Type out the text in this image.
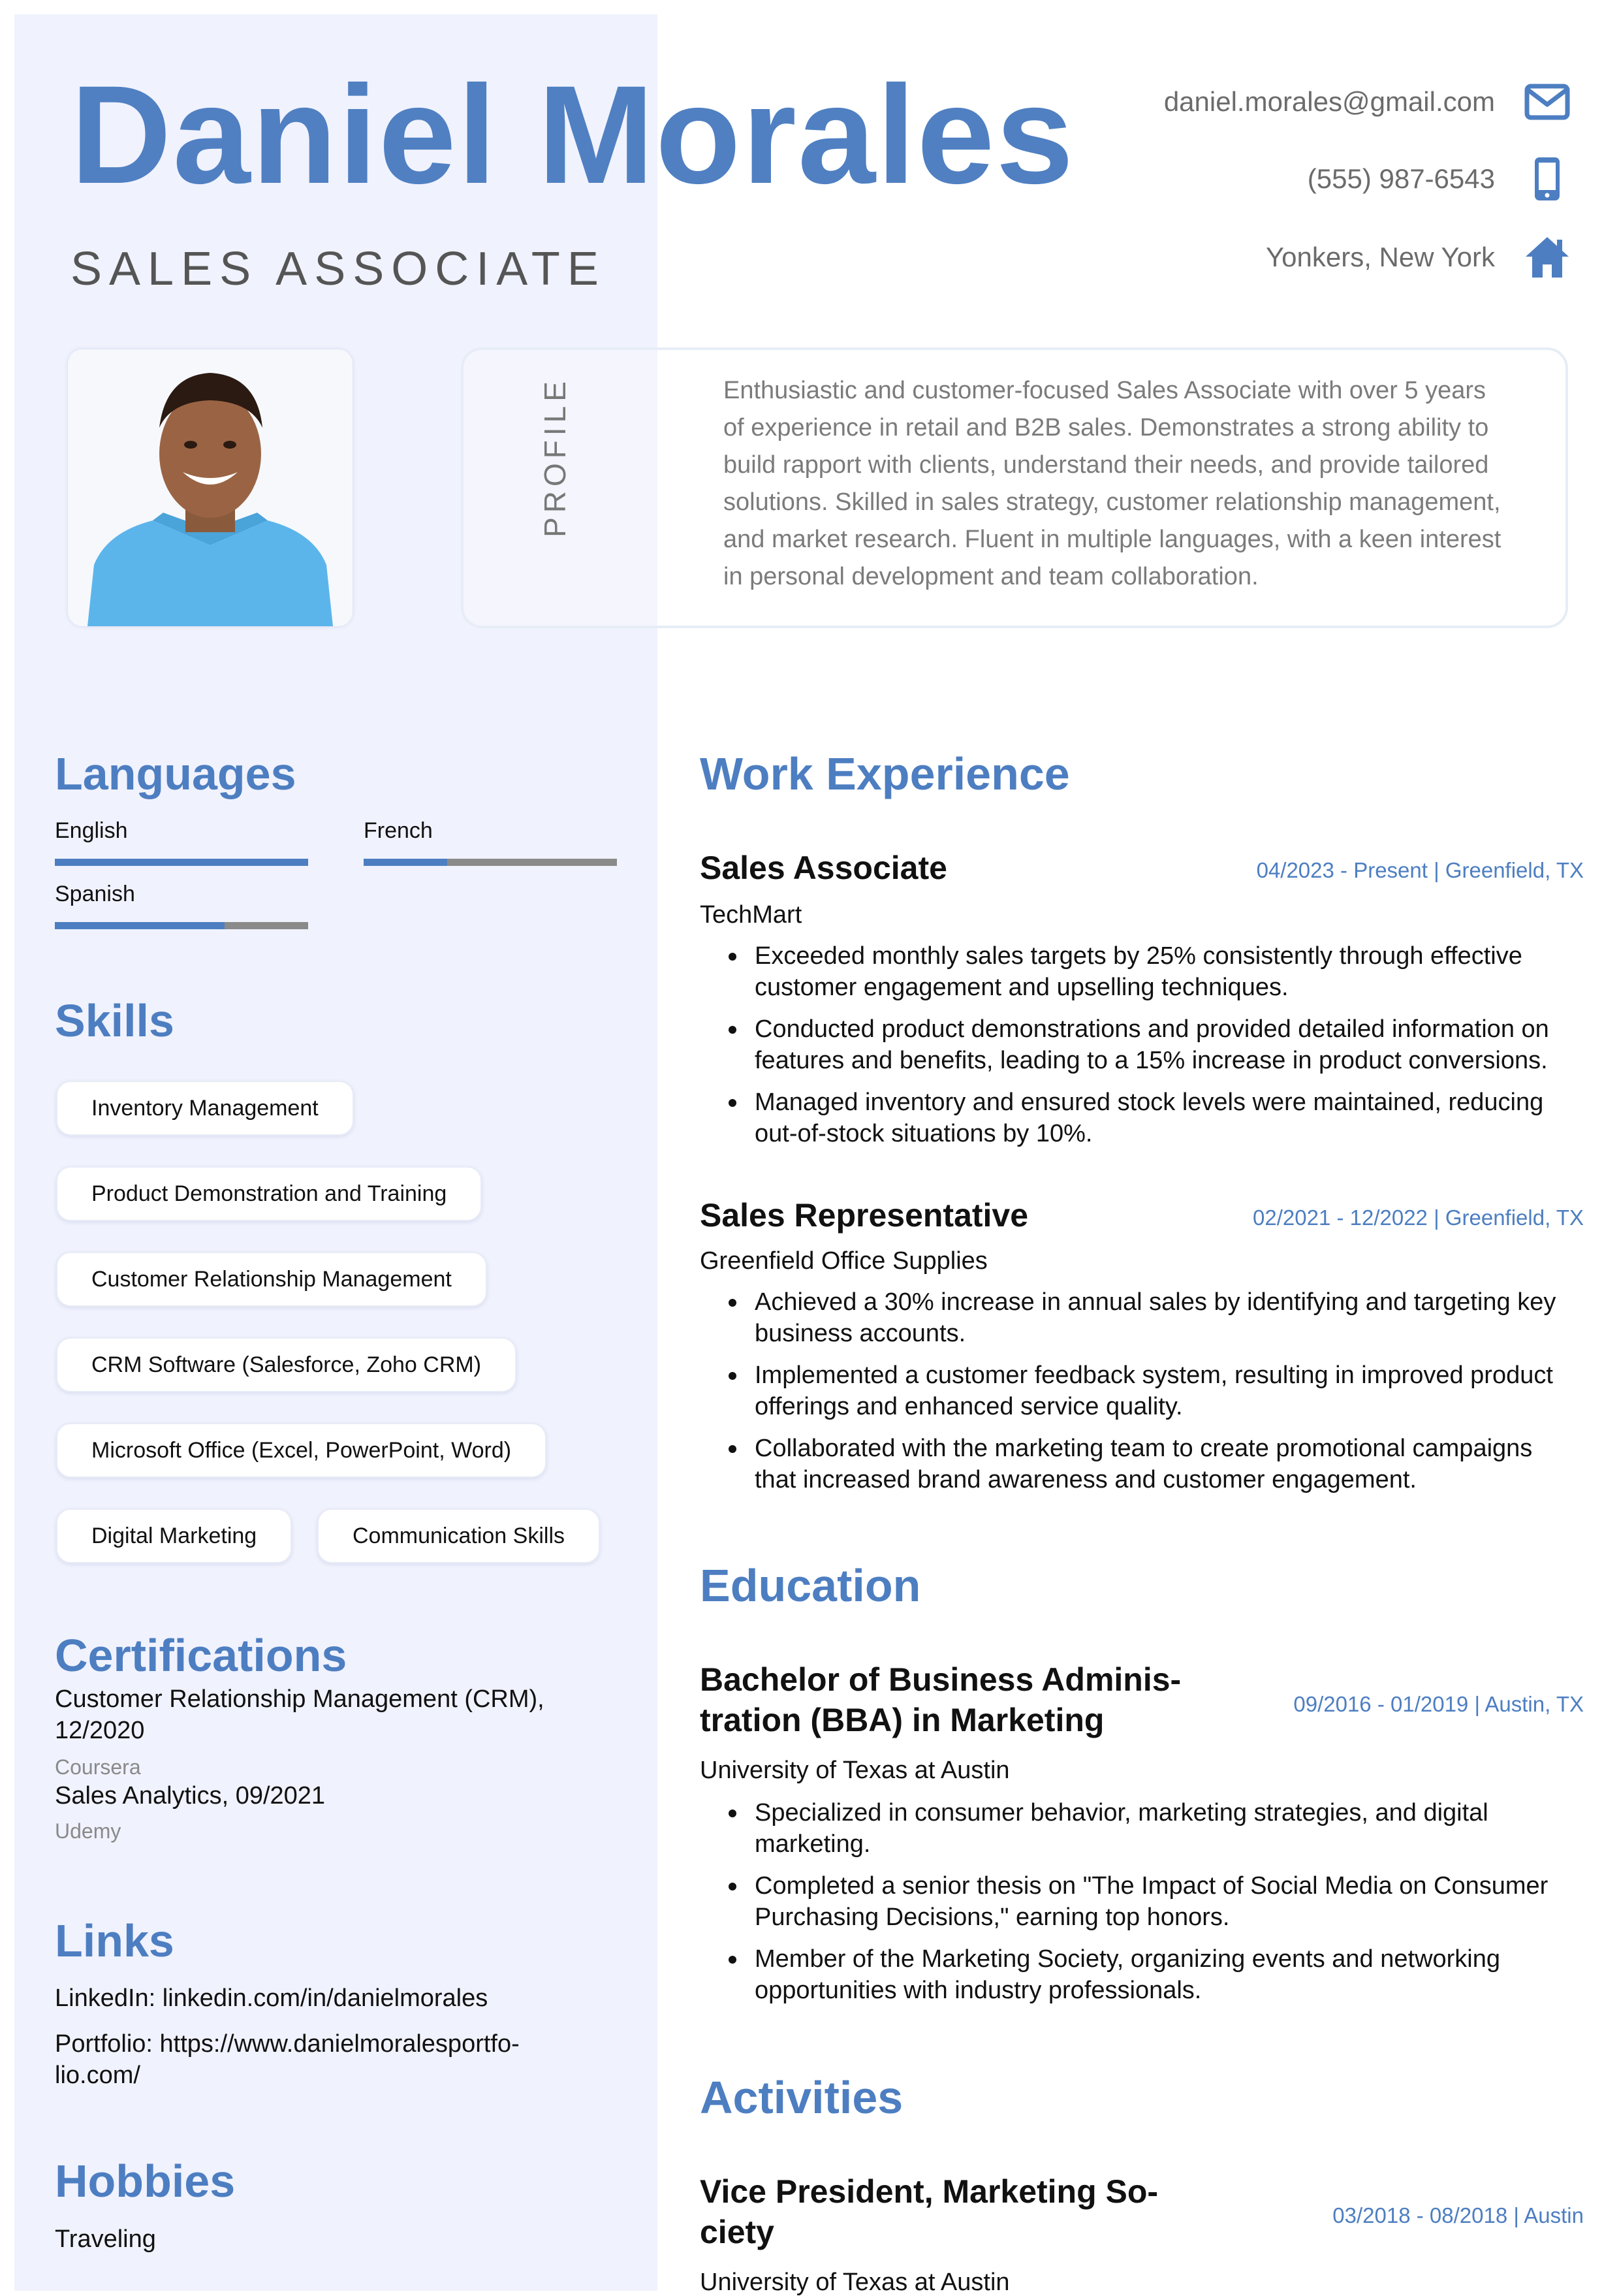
Daniel Morales
SALES ASSOCIATE
daniel.morales@gmail.com
(555) 987-6543
Yonkers, New York
PROFILE	Enthusiastic and customer-focused Sales Associate with over 5 years of experience in retail and B2B sales. Demonstrates a strong ability to build rapport with clients, understand their needs, and provide tailored solutions. Skilled in sales strategy, customer relationship management, and market research. Fluent in multiple languages, with a keen interest in personal development and team collaboration.
Languages
English	French
Spanish
Skills
Inventory Management
Product Demonstration and Training
Customer Relationship Management
CRM Software (Salesforce, Zoho CRM)
Microsoft Office (Excel, PowerPoint, Word)
Digital Marketing	Communication Skills
Certifications
Customer Relationship Management (CRM), 12/2020
Coursera
Sales Analytics, 09/2021
Udemy
Links
LinkedIn: linkedin.com/in/danielmorales
Portfolio: https://www.danielmoralesportfo-lio.com/
Hobbies
Traveling
Work Experience
Sales Associate	04/2023 - Present | Greenfield, TX
TechMart
Exceeded monthly sales targets by 25% consistently through effective customer engagement and upselling techniques.
Conducted product demonstrations and provided detailed information on features and benefits, leading to a 15% increase in product conversions.
Managed inventory and ensured stock levels were maintained, reducing out-of-stock situations by 10%.
Sales Representative	02/2021 - 12/2022 | Greenfield, TX
Greenfield Office Supplies
Achieved a 30% increase in annual sales by identifying and targeting key business accounts.
Implemented a customer feedback system, resulting in improved product offerings and enhanced service quality.
Collaborated with the marketing team to create promotional campaigns that increased brand awareness and customer engagement.
Education
Bachelor of Business Adminis-tration (BBA) in Marketing	09/2016 - 01/2019 | Austin, TX
University of Texas at Austin
Specialized in consumer behavior, marketing strategies, and digital marketing.
Completed a senior thesis on "The Impact of Social Media on Consumer Purchasing Decisions," earning top honors.
Member of the Marketing Society, organizing events and networking opportunities with industry professionals.
Activities
Vice President, Marketing So-ciety	03/2018 - 08/2018 | Austin
University of Texas at Austin
